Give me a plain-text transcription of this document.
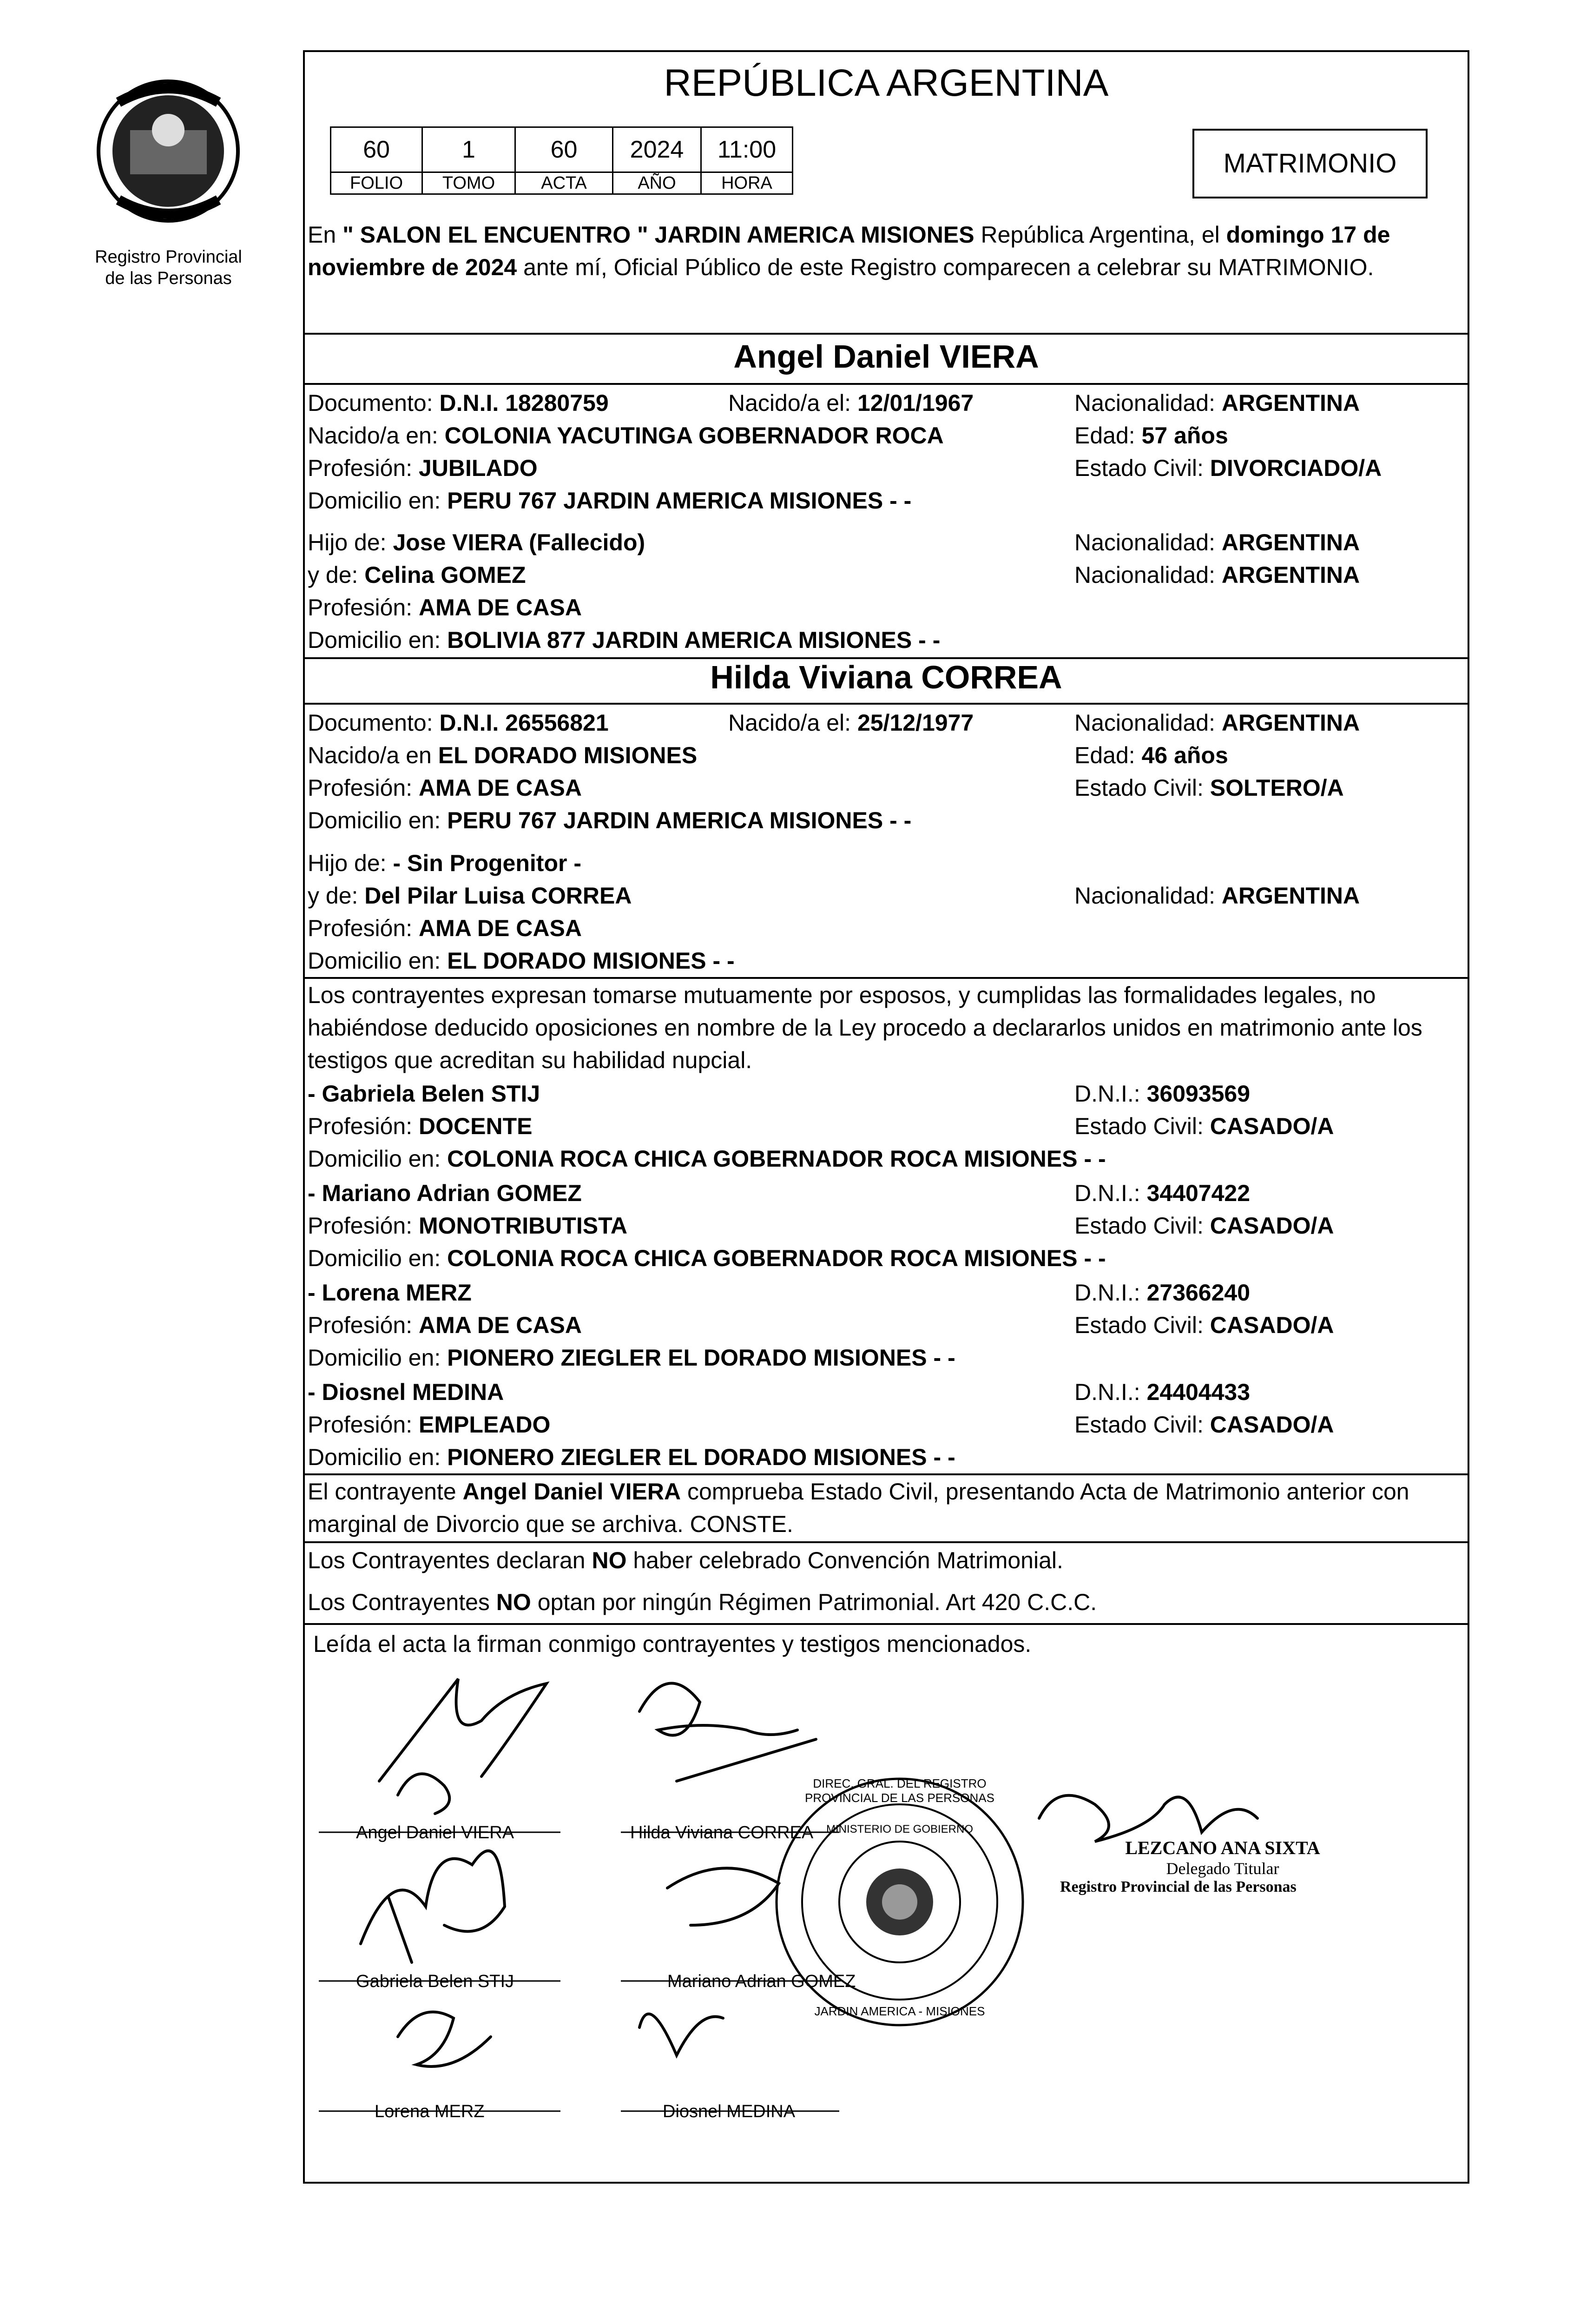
Registro Provincial
de las Personas
REPÚBLICA ARGENTINA
60	1	60	2024	11:00
FOLIO	TOMO	ACTA	AÑO	HORA
MATRIMONIO
En " SALON EL ENCUENTRO " JARDIN AMERICA MISIONES República Argentina, el domingo 17 de noviembre de 2024 ante mí, Oficial Público de este Registro comparecen a celebrar su MATRIMONIO.
Angel Daniel VIERA
Documento: D.N.I. 18280759	Nacido/a el: 12/01/1967	Nacionalidad: ARGENTINA
Nacido/a en: COLONIA YACUTINGA GOBERNADOR ROCA	Edad: 57 años
Profesión: JUBILADO	Estado Civil: DIVORCIADO/A
Domicilio en: PERU 767 JARDIN AMERICA MISIONES - -
Hijo de: Jose VIERA (Fallecido)	Nacionalidad: ARGENTINA
y de: Celina GOMEZ	Nacionalidad: ARGENTINA
Profesión: AMA DE CASA
Domicilio en: BOLIVIA 877 JARDIN AMERICA MISIONES - -
Hilda Viviana CORREA
Documento: D.N.I. 26556821	Nacido/a el: 25/12/1977	Nacionalidad: ARGENTINA
Nacido/a en EL DORADO MISIONES	Edad: 46 años
Profesión: AMA DE CASA	Estado Civil: SOLTERO/A
Domicilio en: PERU 767 JARDIN AMERICA MISIONES - -
Hijo de: - Sin Progenitor -
y de: Del Pilar Luisa CORREA	Nacionalidad: ARGENTINA
Profesión: AMA DE CASA
Domicilio en: EL DORADO MISIONES - -
Los contrayentes expresan tomarse mutuamente por esposos, y cumplidas las formalidades legales, no habiéndose deducido oposiciones en nombre de la Ley procedo a declararlos unidos en matrimonio ante los testigos que acreditan su habilidad nupcial.
- Gabriela Belen STIJ	D.N.I.: 36093569
Profesión: DOCENTE	Estado Civil: CASADO/A
Domicilio en: COLONIA ROCA CHICA GOBERNADOR ROCA MISIONES - -
- Mariano Adrian GOMEZ	D.N.I.: 34407422
Profesión: MONOTRIBUTISTA	Estado Civil: CASADO/A
Domicilio en: COLONIA ROCA CHICA GOBERNADOR ROCA MISIONES - -
- Lorena MERZ	D.N.I.: 27366240
Profesión: AMA DE CASA	Estado Civil: CASADO/A
Domicilio en: PIONERO ZIEGLER EL DORADO MISIONES - -
- Diosnel MEDINA	D.N.I.: 24404433
Profesión: EMPLEADO	Estado Civil: CASADO/A
Domicilio en: PIONERO ZIEGLER EL DORADO MISIONES - -
El contrayente Angel Daniel VIERA comprueba Estado Civil, presentando Acta de Matrimonio anterior con marginal de Divorcio que se archiva. CONSTE.
Los Contrayentes declaran NO haber celebrado Convención Matrimonial.
Los Contrayentes NO optan por ningún Régimen Patrimonial. Art 420 C.C.C.
Leída el acta la firman conmigo contrayentes y testigos mencionados.
Angel Daniel VIERA	Hilda Viviana CORREA
Gabriela Belen STIJ	Mariano Adrian GOMEZ
Lorena MERZ	Diosnel MEDINA
DIREC. GRAL. DEL REGISTRO PROVINCIAL DE LAS PERSONAS
MINISTERIO DE GOBIERNO
JARDIN AMERICA - MISIONES
LEZCANO ANA SIXTA
Delegado Titular
Registro Provincial de las Personas
